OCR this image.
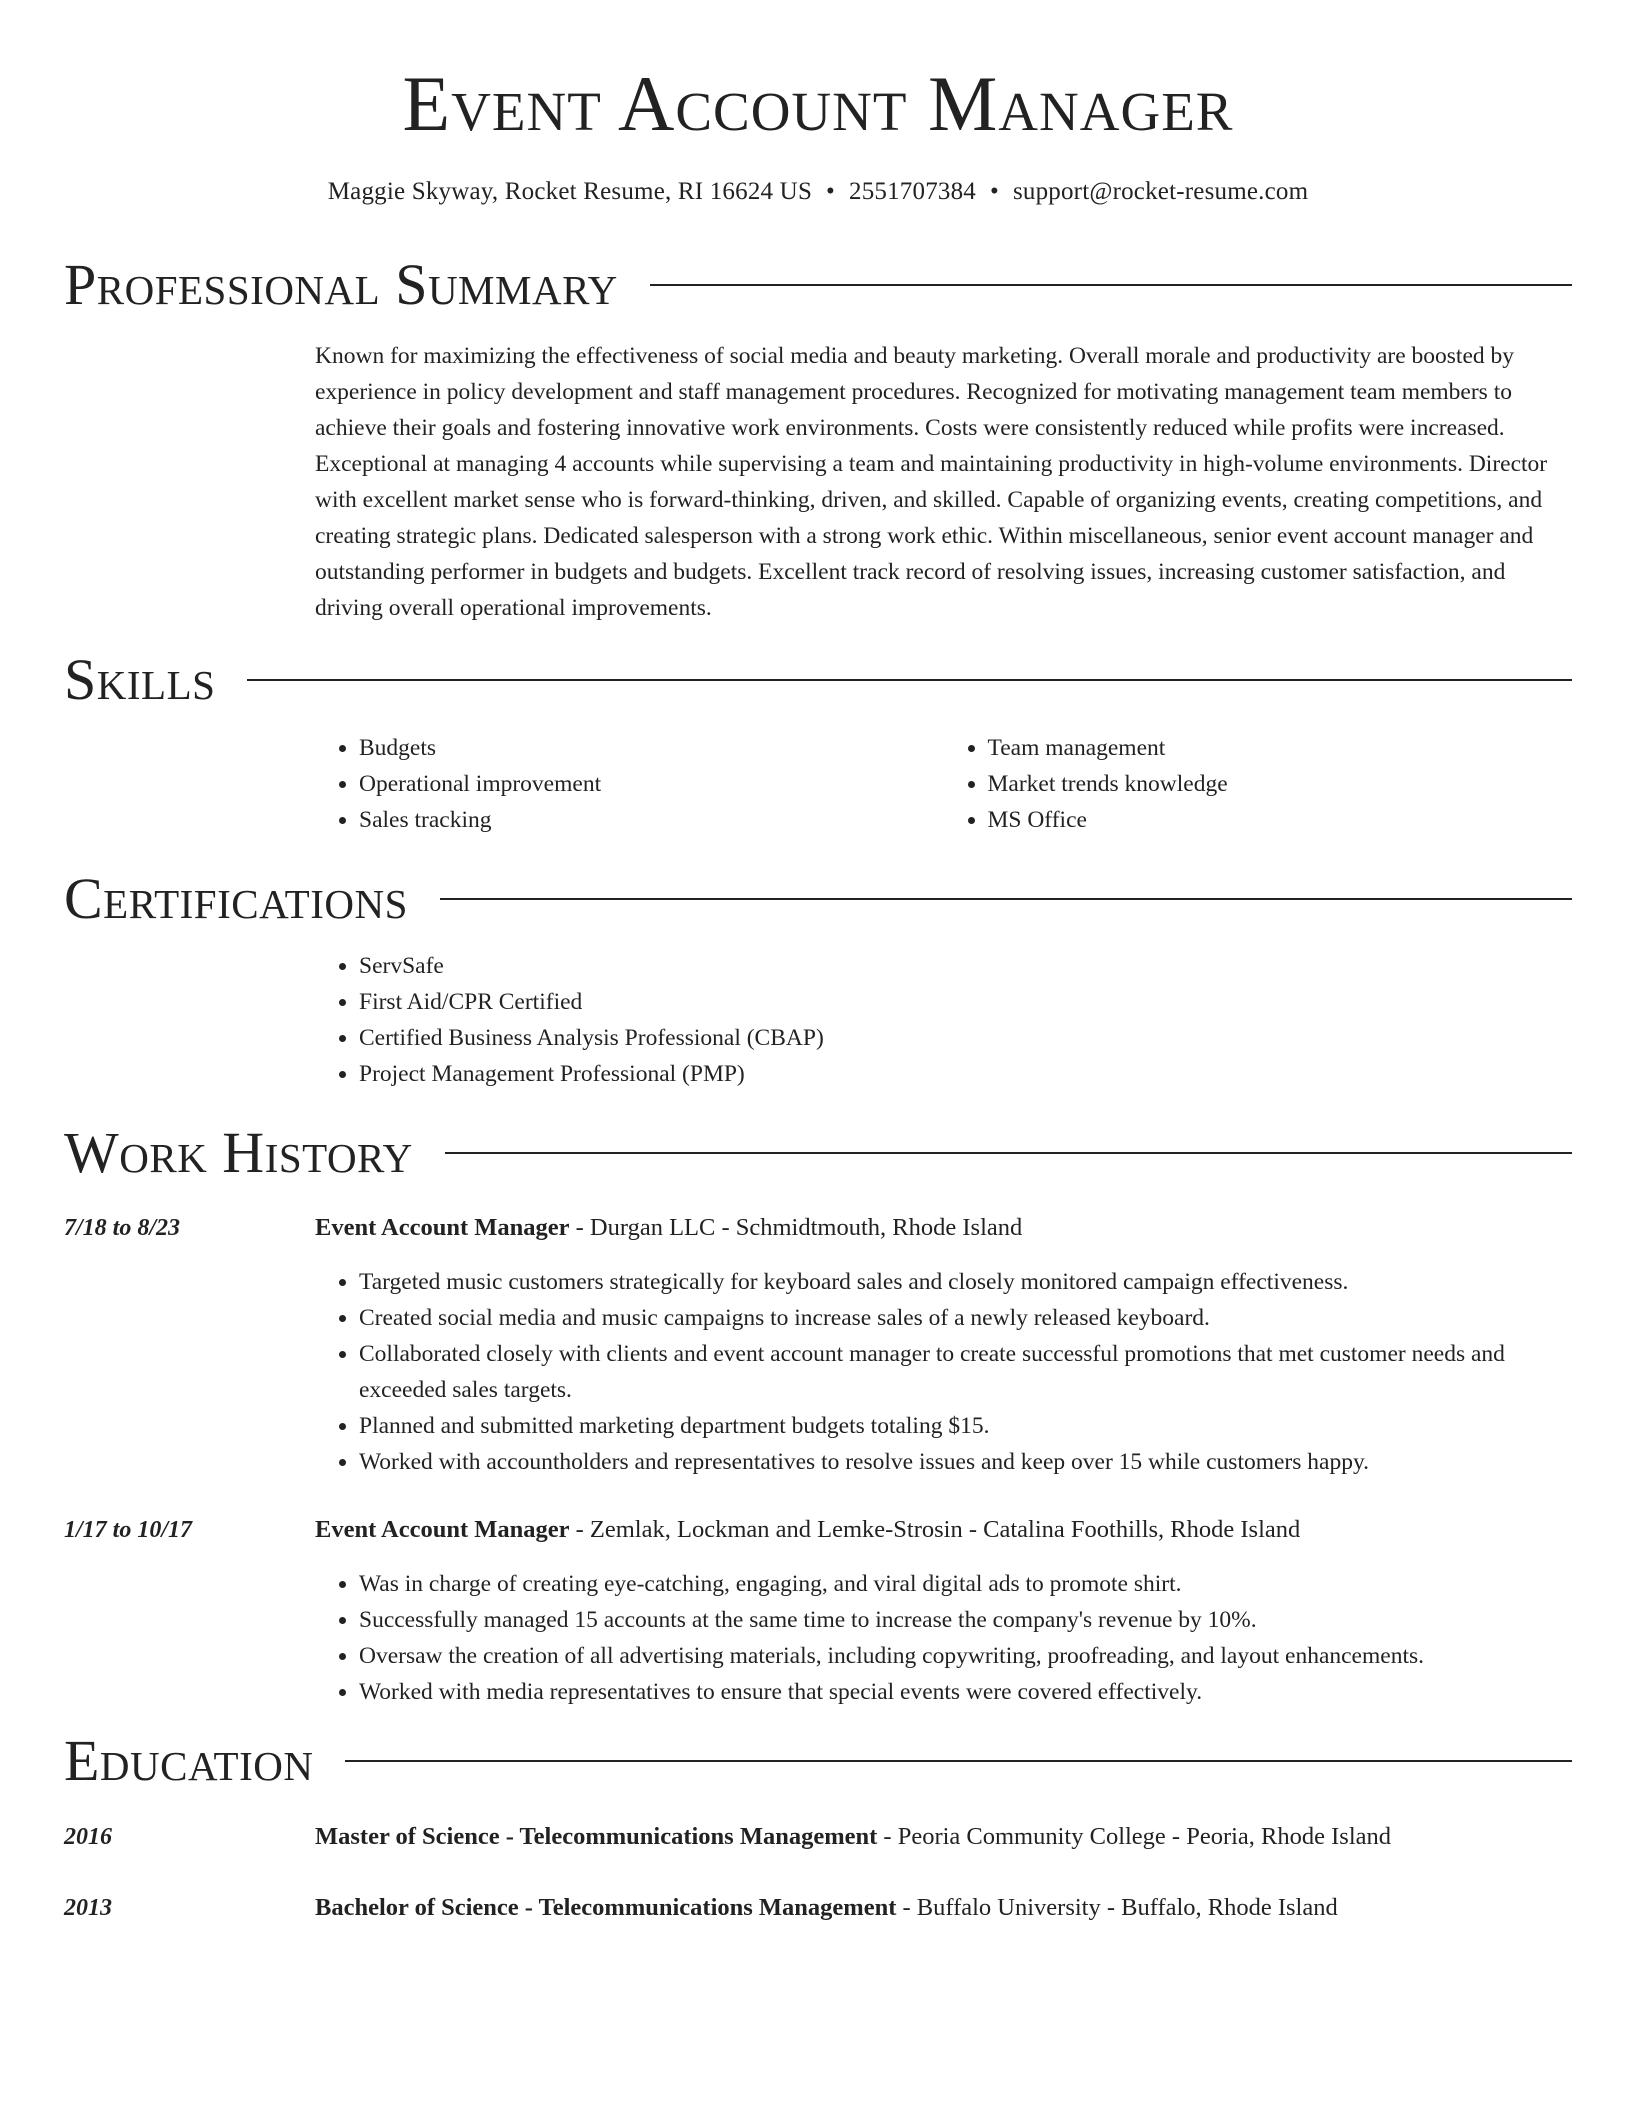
Event Account Manager
Maggie Skyway, Rocket Resume, RI 16624 US • 2551707384 • support@rocket-resume.com
Professional Summary
Known for maximizing the effectiveness of social media and beauty marketing. Overall morale and productivity are boosted by experience in policy development and staff management procedures. Recognized for motivating management team members to achieve their goals and fostering innovative work environments. Costs were consistently reduced while profits were increased. Exceptional at managing 4 accounts while supervising a team and maintaining productivity in high-volume environments. Director with excellent market sense who is forward-thinking, driven, and skilled. Capable of organizing events, creating competitions, and creating strategic plans. Dedicated salesperson with a strong work ethic. Within miscellaneous, senior event account manager and outstanding performer in budgets and budgets. Excellent track record of resolving issues, increasing customer satisfaction, and driving overall operational improvements.
Skills
• Budgets
• Operational improvement
• Sales tracking
• Team management
• Market trends knowledge
• MS Office
Certifications
• ServSafe
• First Aid/CPR Certified
• Certified Business Analysis Professional (CBAP)
• Project Management Professional (PMP)
Work History
7/18 to 8/23	Event Account Manager - Durgan LLC - Schmidtmouth, Rhode Island
• Targeted music customers strategically for keyboard sales and closely monitored campaign effectiveness.
• Created social media and music campaigns to increase sales of a newly released keyboard.
• Collaborated closely with clients and event account manager to create successful promotions that met customer needs and exceeded sales targets.
• Planned and submitted marketing department budgets totaling $15.
• Worked with accountholders and representatives to resolve issues and keep over 15 while customers happy.
1/17 to 10/17	Event Account Manager - Zemlak, Lockman and Lemke-Strosin - Catalina Foothills, Rhode Island
• Was in charge of creating eye-catching, engaging, and viral digital ads to promote shirt.
• Successfully managed 15 accounts at the same time to increase the company's revenue by 10%.
• Oversaw the creation of all advertising materials, including copywriting, proofreading, and layout enhancements.
• Worked with media representatives to ensure that special events were covered effectively.
Education
2016	Master of Science - Telecommunications Management - Peoria Community College - Peoria, Rhode Island
2013	Bachelor of Science - Telecommunications Management - Buffalo University - Buffalo, Rhode Island
